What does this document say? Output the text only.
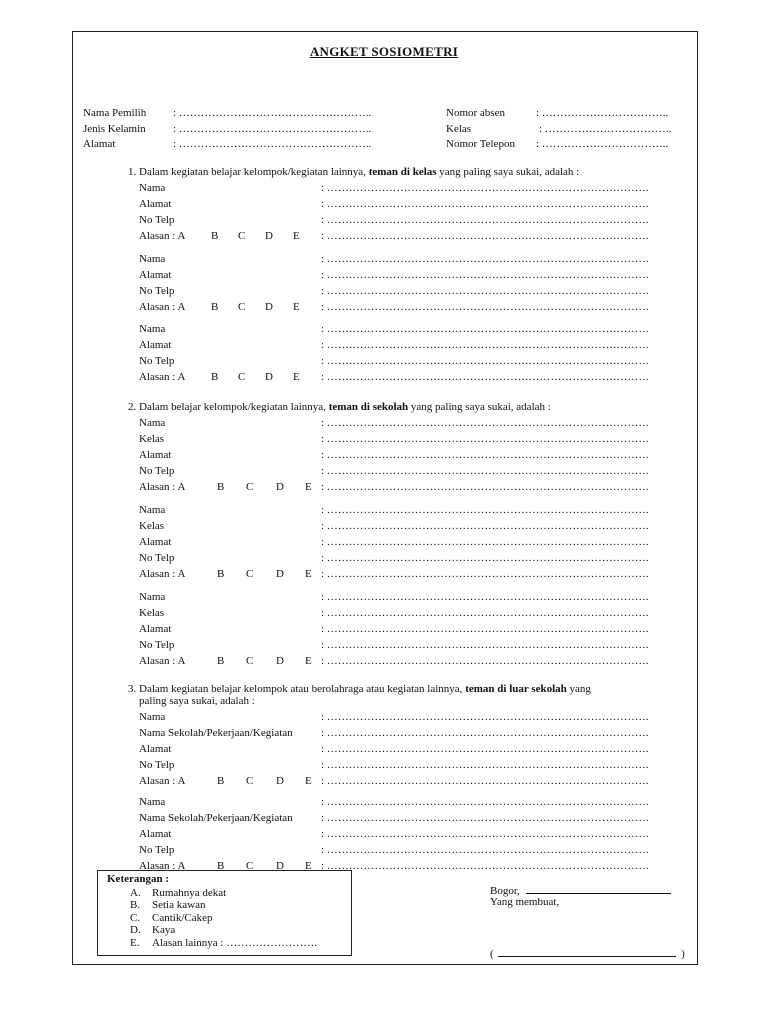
ANGKET SOSIOMETRI
Nama Pemilih : ……………………………………………..
Jenis Kelamin : ……………………………………………..
Alamat	: ……………………………………………..
Nomor absen	: ……………………………..
Kelas	: ……………………………..
Nomor Telepon : ……………………………..
1. Dalam kegiatan belajar kelompok/kegiatan lainnya, teman di kelas yang paling saya sukai, adalah :
Nama	: …………………………………………………………………………….
Alamat	: …………………………………………………………………………….
No Telp	: …………………………………………………………………………….
Alasan : A B C D E : …………………………………………………………………………….
Nama	: …………………………………………………………………………….
Alamat	: …………………………………………………………………………….
No Telp	: …………………………………………………………………………….
Alasan : A B C D E : …………………………………………………………………………….
Nama	: …………………………………………………………………………….
Alamat	: …………………………………………………………………………….
No Telp	: …………………………………………………………………………….
Alasan : A B C D E : …………………………………………………………………………….
2. Dalam belajar kelompok/kegiatan lainnya, teman di sekolah yang paling saya sukai, adalah :
Nama	: …………………………………………………………………………….
Kelas	: …………………………………………………………………………….
Alamat	: …………………………………………………………………………….
No Telp	: …………………………………………………………………………….
Alasan : A	B C D E : …………………………………………………………………………….
Nama	: …………………………………………………………………………….
Kelas	: …………………………………………………………………………….
Alamat	: …………………………………………………………………………….
No Telp	: …………………………………………………………………………….
Alasan : A	B C D E : …………………………………………………………………………….
Nama	: …………………………………………………………………………….
Kelas	: …………………………………………………………………………….
Alamat	: …………………………………………………………………………….
No Telp	: …………………………………………………………………………….
Alasan : A	B C D E : …………………………………………………………………………….
3. Dalam kegiatan belajar kelompok atau berolahraga atau kegiatan lainnya, teman di luar sekolah yang
paling saya sukai, adalah :
Nama	: …………………………………………………………………………….
Nama Sekolah/Pekerjaan/Kegiatan	: …………………………………………………………………………….
Alamat	: …………………………………………………………………………….
No Telp	: …………………………………………………………………………….
Alasan : A	B C D E : …………………………………………………………………………….
Nama	: …………………………………………………………………………….
Nama Sekolah/Pekerjaan/Kegiatan	: …………………………………………………………………………….
Alamat	: …………………………………………………………………………….
No Telp	: …………………………………………………………………………….
Alasan : A	B C D E : …………………………………………………………………………….
Keterangan :
A. Rumahnya dekat
B. Setia kawan
C. Cantik/Cakep
D. Kaya
E. Alasan lainnya : …………………….
Bogor,
Yang membuat,
(	)
